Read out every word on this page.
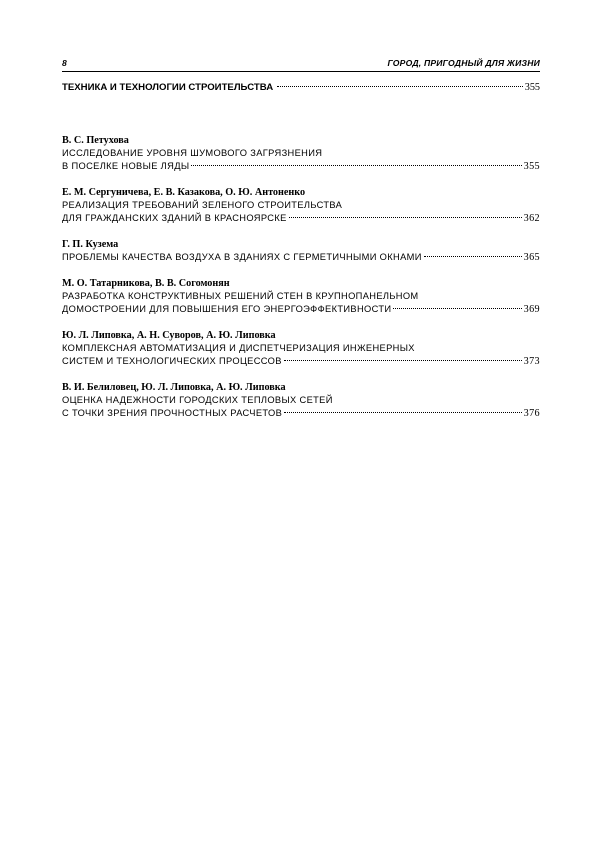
8	ГОРОД, ПРИГОДНЫЙ ДЛЯ ЖИЗНИ
ТЕХНИКА И ТЕХНОЛОГИИ СТРОИТЕЛЬСТВА	355
В. С. Петухова
ИССЛЕДОВАНИЕ УРОВНЯ ШУМОВОГО ЗАГРЯЗНЕНИЯ
В ПОСЕЛКЕ НОВЫЕ ЛЯДЫ	355
Е. М. Сергуничева, Е. В. Казакова, О. Ю. Антоненко
РЕАЛИЗАЦИЯ ТРЕБОВАНИЙ ЗЕЛЕНОГО СТРОИТЕЛЬСТВА
ДЛЯ ГРАЖДАНСКИХ ЗДАНИЙ В КРАСНОЯРСКЕ	362
Г. П. Кузема
ПРОБЛЕМЫ КАЧЕСТВА ВОЗДУХА В ЗДАНИЯХ С ГЕРМЕТИЧНЫМИ ОКНАМИ	365
М. О. Татарникова, В. В. Согомонян
РАЗРАБОТКА КОНСТРУКТИВНЫХ РЕШЕНИЙ СТЕН В КРУПНОПАНЕЛЬНОМ
ДОМОСТРОЕНИИ ДЛЯ ПОВЫШЕНИЯ ЕГО ЭНЕРГОЭФФЕКТИВНОСТИ	369
Ю. Л. Липовка, А. Н. Суворов, А. Ю. Липовка
КОМПЛЕКСНАЯ АВТОМАТИЗАЦИЯ И ДИСПЕТЧЕРИЗАЦИЯ ИНЖЕНЕРНЫХ
СИСТЕМ И ТЕХНОЛОГИЧЕСКИХ ПРОЦЕССОВ	373
В. И. Белиловец, Ю. Л. Липовка, А. Ю. Липовка
ОЦЕНКА НАДЕЖНОСТИ ГОРОДСКИХ ТЕПЛОВЫХ СЕТЕЙ
С ТОЧКИ ЗРЕНИЯ ПРОЧНОСТНЫХ РАСЧЕТОВ	376
